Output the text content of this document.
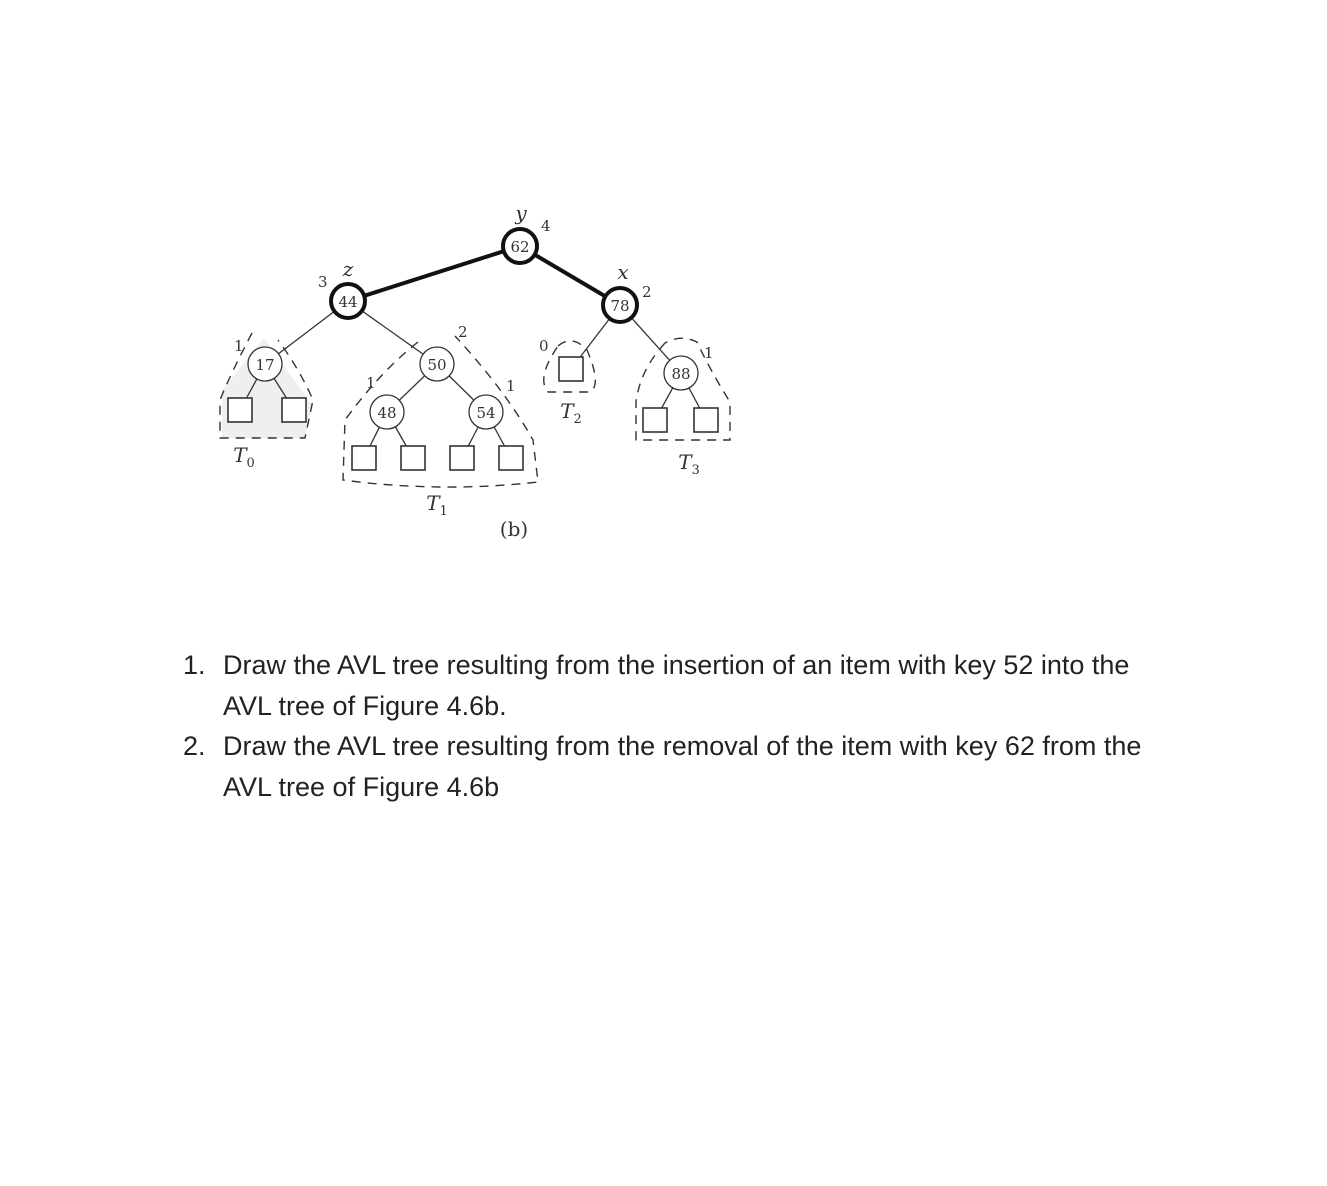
62
44	78
17	50
48	54
88
y
z	x
4
3
2
1
2
1	1
1
0
$T_0$
$T_1$
$T_2$
$T_3$
(b)
1. Draw the AVL tree resulting from the insertion of an item with key 52 into the AVL tree of Figure 4.6b.
2. Draw the AVL tree resulting from the removal of the item with key 62 from the AVL tree of Figure 4.6b
